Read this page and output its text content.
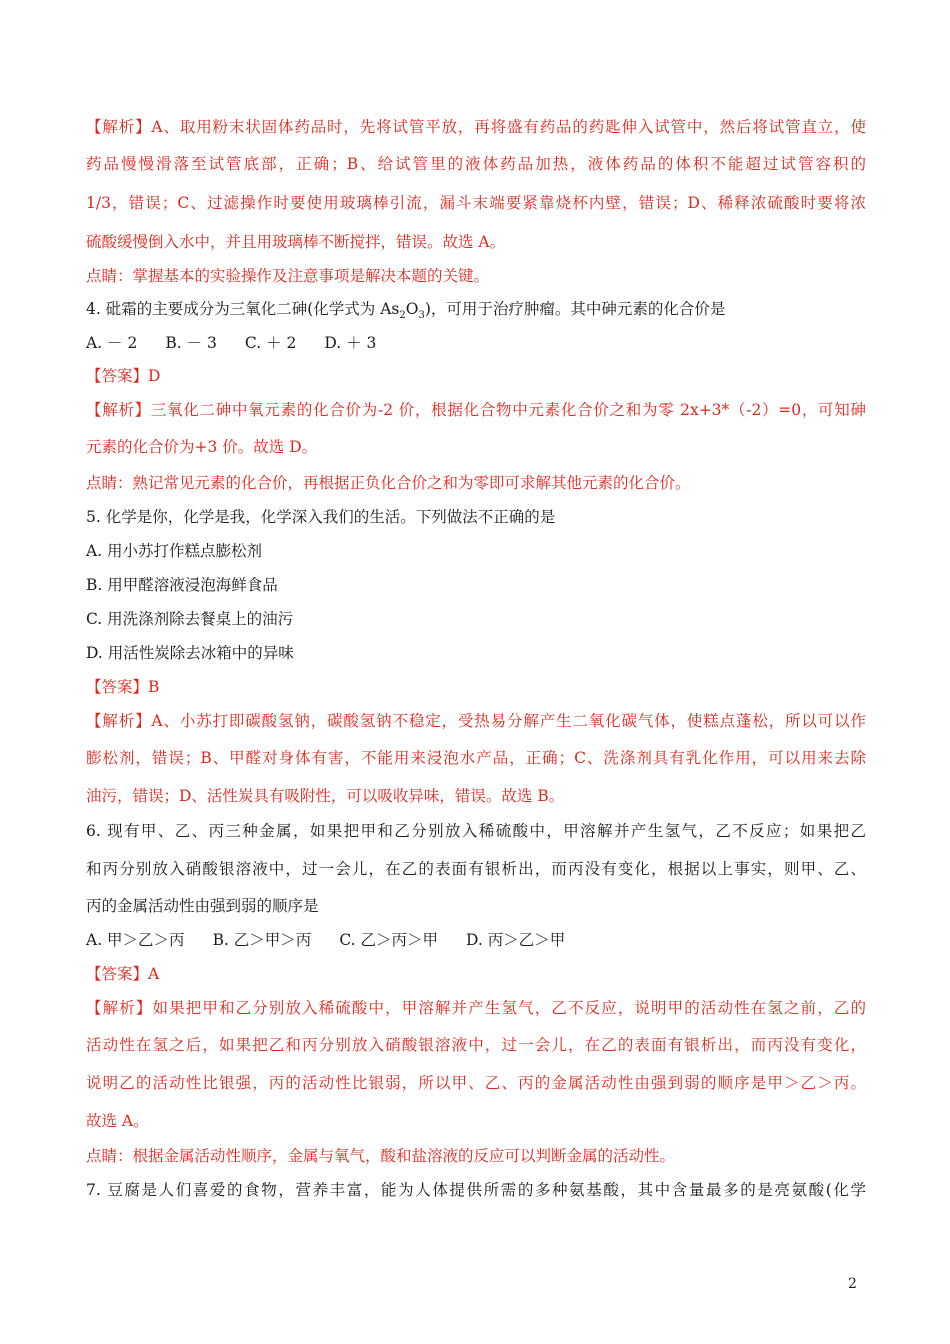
【解析】A、取用粉末状固体药品时，先将试管平放，再将盛有药品的药匙伸入试管中，然后将试管直立，使
药品慢慢滑落至试管底部，正确；B、给试管里的液体药品加热，液体药品的体积不能超过试管容积的
1/3，错误；C、过滤操作时要使用玻璃棒引流，漏斗末端要紧靠烧杯内壁，错误；D、稀释浓硫酸时要将浓
硫酸缓慢倒入水中，并且用玻璃棒不断搅拌，错误。故选 A。
点睛：掌握基本的实验操作及注意事项是解决本题的关键。
4. 砒霜的主要成分为三氧化二砷(化学式为 $As_2O_3$)，可用于治疗肿瘤。其中砷元素的化合价是
A. － 2 B. － 3 C. ＋ 2 D. ＋ 3
【答案】D
【解析】三氧化二砷中氧元素的化合价为-2 价，根据化合物中元素化合价之和为零 2x+3*（-2）=0，可知砷
元素的化合价为+3 价。故选 D。
点睛：熟记常见元素的化合价，再根据正负化合价之和为零即可求解其他元素的化合价。
5. 化学是你，化学是我，化学深入我们的生活。下列做法不正确的是
A. 用小苏打作糕点膨松剂
B. 用甲醛溶液浸泡海鲜食品
C. 用洗涤剂除去餐桌上的油污
D. 用活性炭除去冰箱中的异味
【答案】B
【解析】A、小苏打即碳酸氢钠，碳酸氢钠不稳定，受热易分解产生二氧化碳气体，使糕点蓬松，所以可以作
膨松剂，错误；B、甲醛对身体有害，不能用来浸泡水产品，正确；C、洗涤剂具有乳化作用，可以用来去除
油污，错误；D、活性炭具有吸附性，可以吸收异味，错误。故选 B。
6. 现有甲、乙、丙三种金属，如果把甲和乙分别放入稀硫酸中，甲溶解并产生氢气，乙不反应；如果把乙
和丙分别放入硝酸银溶液中，过一会儿，在乙的表面有银析出，而丙没有变化，根据以上事实，则甲、乙、
丙的金属活动性由强到弱的顺序是
A. 甲＞乙＞丙 B. 乙＞甲＞丙 C. 乙＞丙＞甲 D. 丙＞乙＞甲
【答案】A
【解析】如果把甲和乙分别放入稀硫酸中，甲溶解并产生氢气，乙不反应，说明甲的活动性在氢之前，乙的
活动性在氢之后，如果把乙和丙分别放入硝酸银溶液中，过一会儿，在乙的表面有银析出，而丙没有变化，
说明乙的活动性比银强，丙的活动性比银弱，所以甲、乙、丙的金属活动性由强到弱的顺序是甲＞乙＞丙。
故选 A。
点睛：根据金属活动性顺序，金属与氧气，酸和盐溶液的反应可以判断金属的活动性。
7. 豆腐是人们喜爱的食物，营养丰富，能为人体提供所需的多种氨基酸，其中含量最多的是亮氨酸(化学
2
